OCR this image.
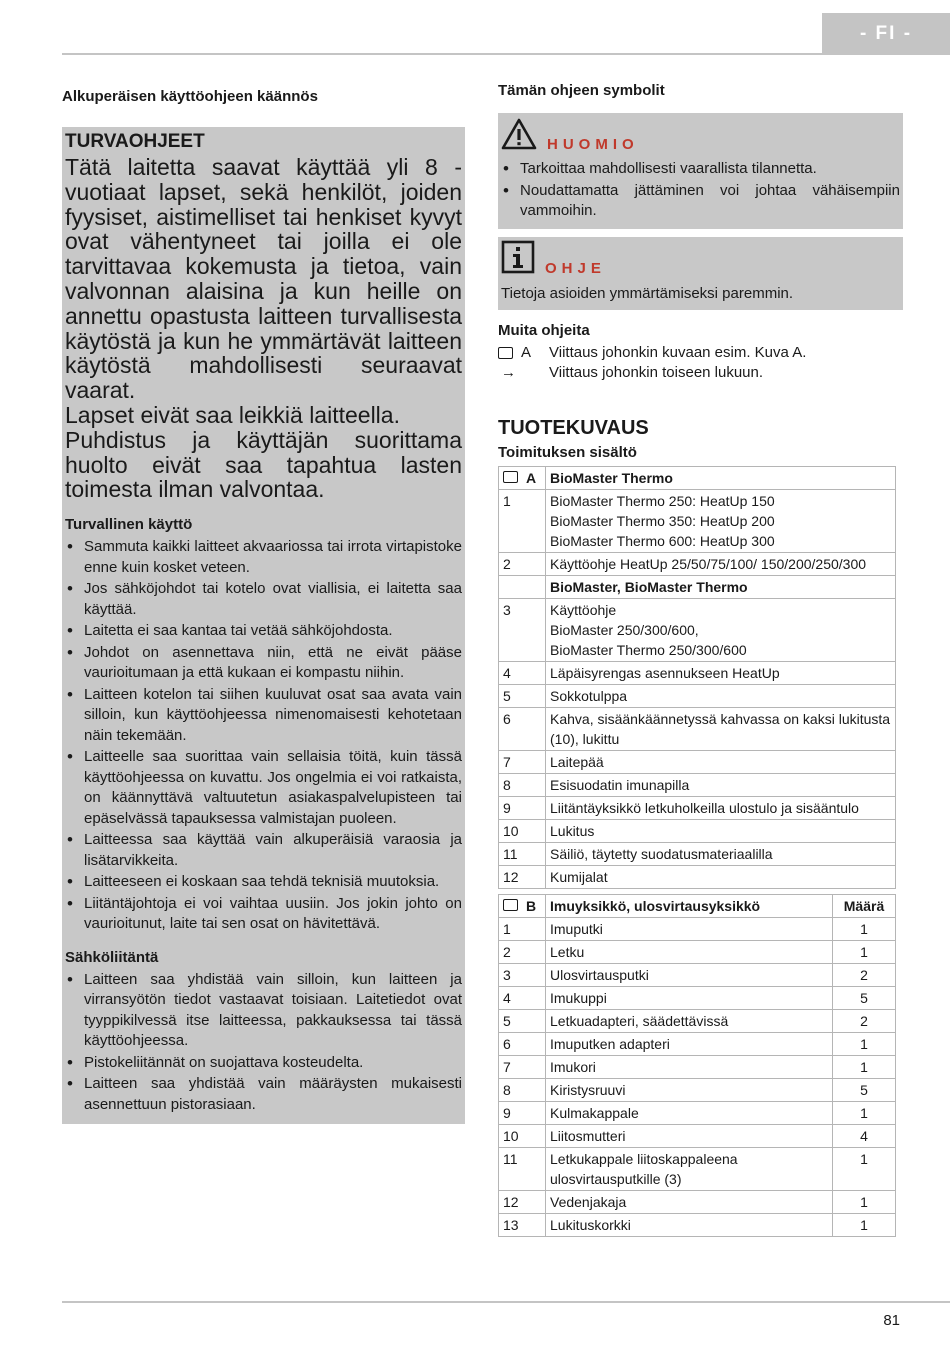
- FI -

Alkuperäisen käyttöohjeen käännös

TURVAOHJEET

Tätä laitetta saavat käyttää yli 8 -vuotiaat lapset, sekä henkilöt, joiden fyysiset, aistimelliset tai henkiset kyvyt ovat vähentyneet tai joilla ei ole tarvittavaa kokemusta ja tietoa, vain valvonnan alaisina ja kun heille on annettu opastusta laitteen turvallisesta käytöstä ja kun he ymmärtävät laitteen käytöstä mahdollisesti seuraavat vaarat.

Lapset eivät saa leikkiä laitteella.

Puhdistus ja käyttäjän suorittama huolto eivät saa tapahtua lasten toimesta ilman valvontaa.

Turvallinen käyttö

• Sammuta kaikki laitteet akvaariossa tai irrota virtapistoke enne kuin kosket veteen.
• Jos sähköjohdot tai kotelo ovat viallisia, ei laitetta saa käyttää.
• Laitetta ei saa kantaa tai vetää sähköjohdosta.
• Johdot on asennettava niin, että ne eivät pääse vaurioitumaan ja että kukaan ei kompastu niihin.
• Laitteen kotelon tai siihen kuuluvat osat saa avata vain silloin, kun käyttöohjeessa nimenomaisesti kehotetaan näin tekemään.
• Laitteelle saa suorittaa vain sellaisia töitä, kuin tässä käyttöohjeessa on kuvattu. Jos ongelmia ei voi ratkaista, on käännyttävä valtuutetun asiakaspalvelupisteen tai epäselvässä tapauksessa valmistajan puoleen.
• Laitteessa saa käyttää vain alkuperäisiä varaosia ja lisätarvikkeita.
• Laitteeseen ei koskaan saa tehdä teknisiä muutoksia.
• Liitäntäjohtoja ei voi vaihtaa uusiin. Jos jokin johto on vaurioitunut, laite tai sen osat on hävitettävä.

Sähköliitäntä

• Laitteen saa yhdistää vain silloin, kun laitteen ja virransyötön tiedot vastaavat toisiaan. Laitetiedot ovat tyyppikilvessä itse laitteessa, pakkauksessa tai tässä käyttöohjeessa.
• Pistokeliitännät on suojattava kosteudelta.
• Laitteen saa yhdistää vain määräysten mukaisesti asennettuun pistorasiaan.

Tämän ohjeen symbolit

HUOMIO
• Tarkoittaa mahdollisesti vaarallista tilannetta.
• Noudattamatta jättäminen voi johtaa vähäisempiin vammoihin.
OHJE

Tietoja asioiden ymmärtämiseksi paremmin.

Muita ohjeita

A Viittaus johonkin kuvaan esim. Kuva A.
→ Viittaus johonkin toiseen lukuun.

TUOTEKUVAUS

Toimituksen sisältö

A	BioMaster Thermo
1	BioMaster Thermo 250: HeatUp 150
BioMaster Thermo 350: HeatUp 200
BioMaster Thermo 600: HeatUp 300

2	Käyttöohje HeatUp 25/50/75/100/ 150/200/250/300

	BioMaster, BioMaster Thermo

3	Käyttöohje
BioMaster 250/300/600,
BioMaster Thermo 250/300/600

4	Läpäisyrengas asennukseen HeatUp

5	Sokkotulppa

6	Kahva, sisäänkäännetyssä kahvassa on kaksi lukitusta (10), lukittu

7	Laitepää

8	Esisuodatin imunapilla

9	Liitäntäyksikkö letkuholkeilla ulostulo ja sisääntulo

10	Lukitus

11	Säiliö, täytetty suodatusmateriaalilla

12	Kumijalat
B	Imuyksikkö, ulosvirtausyksikkö	Määrä
1	Imuputki	1
2	Letku	1
3	Ulosvirtausputki	2
4	Imukuppi	5
5	Letkuadapteri, säädettävissä	2
6	Imuputken adapteri	1
7	Imukori	1
8	Kiristysruuvi	5
9	Kulmakappale	1
10	Liitosmutteri	4
11	Letkukappale liitoskappaleena ulosvirtausputkille (3)	1
12	Vedenjakaja	1
13	Lukituskorkki	1
81
